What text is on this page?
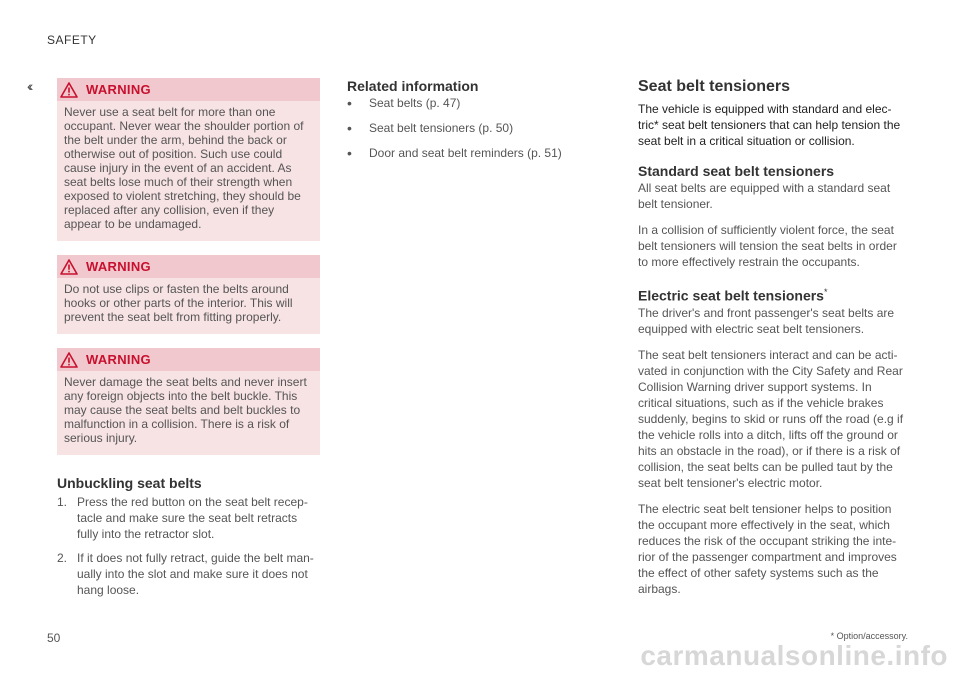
SAFETY
‹‹	WARNING
Never use a seat belt for more than one occupant. Never wear the shoulder portion of the belt under the arm, behind the back or otherwise out of position. Such use could cause injury in the event of an accident. As seat belts lose much of their strength when exposed to violent stretching, they should be replaced after any collision, even if they appear to be undamaged.
WARNING
Do not use clips or fasten the belts around hooks or other parts of the interior. This will prevent the seat belt from fitting properly.
WARNING
Never damage the seat belts and never insert any foreign objects into the belt buckle. This may cause the seat belts and belt buckles to malfunction in a collision. There is a risk of serious injury.
Unbuckling seat belts
1. Press the red button on the seat belt receptacle and make sure the seat belt retracts fully into the retractor slot.
2. If it does not fully retract, guide the belt manually into the slot and make sure it does not hang loose.
Related information
•	Seat belts (p. 47)
•	Seat belt tensioners (p. 50)
•	Door and seat belt reminders (p. 51)
Seat belt tensioners

The vehicle is equipped with standard and electric* seat belt tensioners that can help tension the seat belt in a critical situation or collision.

Standard seat belt tensioners

All seat belts are equipped with a standard seat belt tensioner.

In a collision of sufficiently violent force, the seat belt tensioners will tension the seat belts in order to more effectively restrain the occupants.

Electric seat belt tensioners*

The driver's and front passenger's seat belts are equipped with electric seat belt tensioners.

The seat belt tensioners interact and can be activated in conjunction with the City Safety and Rear Collision Warning driver support systems. In critical situations, such as if the vehicle brakes suddenly, begins to skid or runs off the road (e.g if the vehicle rolls into a ditch, lifts off the ground or hits an obstacle in the road), or if there is a risk of collision, the seat belts can be pulled taut by the seat belt tensioner's electric motor.

The electric seat belt tensioner helps to position the occupant more effectively in the seat, which reduces the risk of the occupant striking the interior of the passenger compartment and improves the effect of other safety systems such as the airbags.

50	* Option/accessory.
carmanualsonline.info
